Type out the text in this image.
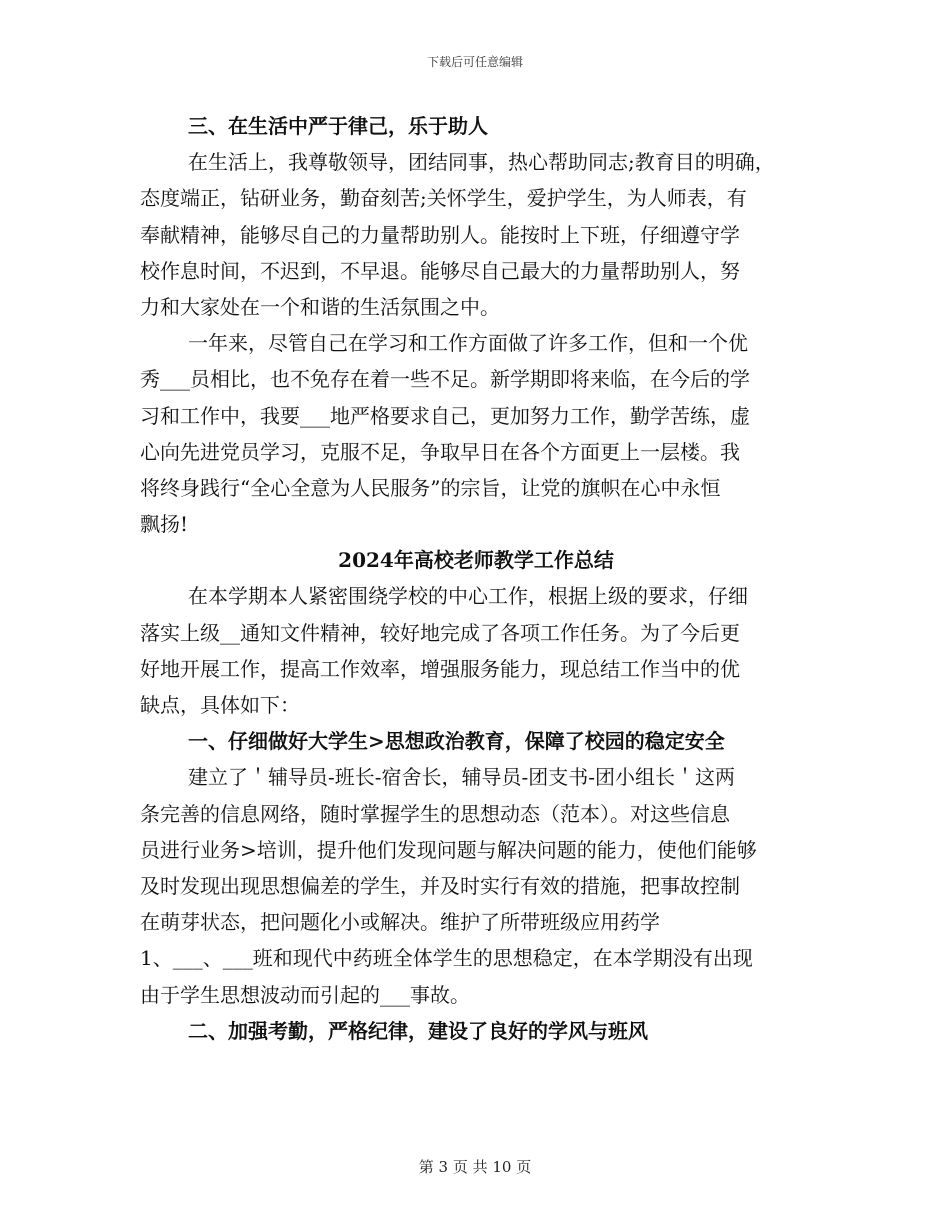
下载后可任意编辑
三、在生活中严于律己，乐于助人
在生活上，我尊敬领导，团结同事，热心帮助同志;教育目的明确，
态度端正，钻研业务，勤奋刻苦;关怀学生，爱护学生，为人师表，有
奉献精神，能够尽自己的力量帮助别人。能按时上下班，仔细遵守学
校作息时间，不迟到，不早退。能够尽自己最大的力量帮助别人，努
力和大家处在一个和谐的生活氛围之中。
一年来，尽管自己在学习和工作方面做了许多工作，但和一个优
秀___员相比，也不免存在着一些不足。新学期即将来临，在今后的学
习和工作中，我要___地严格要求自己，更加努力工作，勤学苦练，虚
心向先进党员学习，克服不足，争取早日在各个方面更上一层楼。我
将终身践行“全心全意为人民服务”的宗旨，让党的旗帜在心中永恒
飘扬!
2024年高校老师教学工作总结
在本学期本人紧密围绕学校的中心工作，根据上级的要求，仔细
落实上级__通知文件精神，较好地完成了各项工作任务。为了今后更
好地开展工作，提高工作效率，增强服务能力，现总结工作当中的优
缺点，具体如下：
一、仔细做好大学生>思想政治教育，保障了校园的稳定安全
建立了＇辅导员-班长-宿舍长，辅导员-团支书-团小组长＇这两
条完善的信息网络，随时掌握学生的思想动态（范本）。对这些信息
员进行业务>培训，提升他们发现问题与解决问题的能力，使他们能够
及时发现出现思想偏差的学生，并及时实行有效的措施，把事故控制
在萌芽状态，把问题化小或解决。维护了所带班级应用药学
1、___、___班和现代中药班全体学生的思想稳定，在本学期没有出现
由于学生思想波动而引起的___事故。
二、加强考勤，严格纪律，建设了良好的学风与班风
第 3 页 共 10 页
